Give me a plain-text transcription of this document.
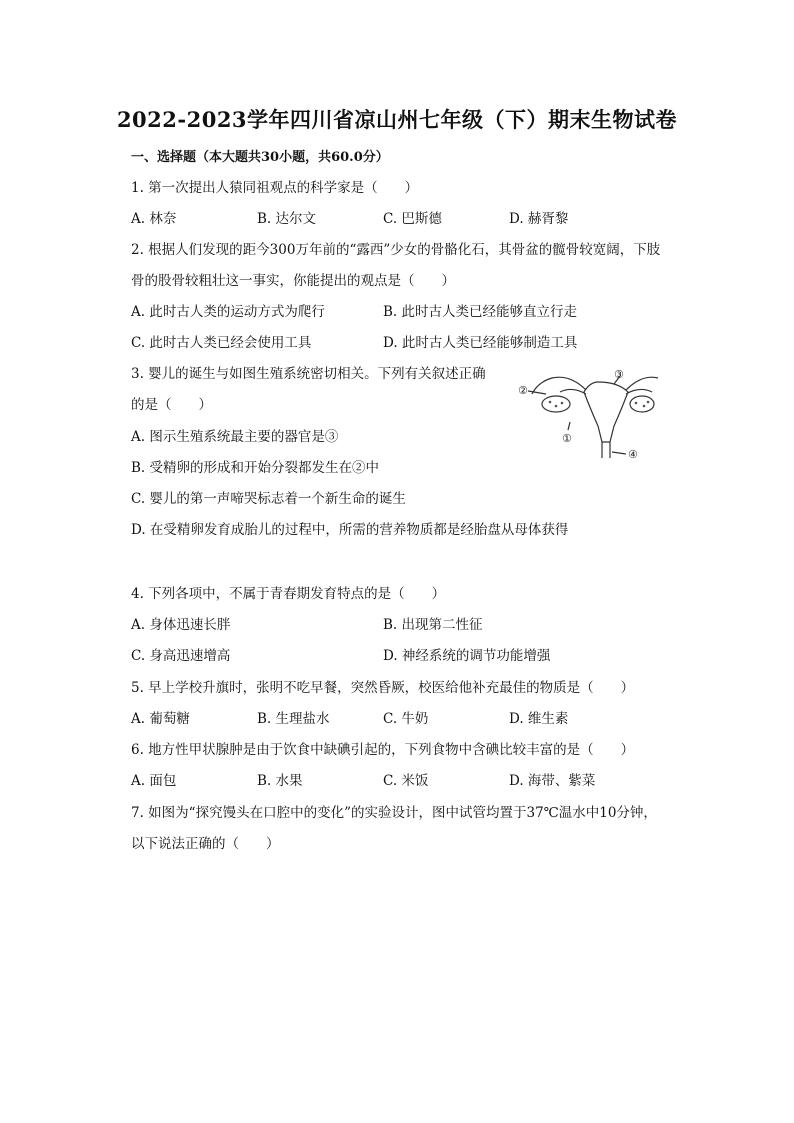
2022-2023学年四川省凉山州七年级（下）期末生物试卷
一、选择题（本大题共30小题，共60.0分）
1. 第一次提出人猿同祖观点的科学家是（　　）
A. 林奈	B. 达尔文	C. 巴斯德	D. 赫胥黎
2. 根据人们发现的距今300万年前的“露西”少女的骨骼化石，其骨盆的髋骨较宽阔，下肢
骨的股骨较粗壮这一事实，你能提出的观点是（　　）
A. 此时古人类的运动方式为爬行	B. 此时古人类已经能够直立行走
C. 此时古人类已经会使用工具	D. 此时古人类已经能够制造工具
3. 婴儿的诞生与如图生殖系统密切相关。下列有关叙述正确
的是（　　）
A. 图示生殖系统最主要的器官是③
B. 受精卵的形成和开始分裂都发生在②中
C. 婴儿的第一声啼哭标志着一个新生命的诞生
D. 在受精卵发育成胎儿的过程中，所需的营养物质都是经胎盘从母体获得
①
②
③
④
4. 下列各项中，不属于青春期发育特点的是（　　）
A. 身体迅速长胖	B. 出现第二性征
C. 身高迅速增高	D. 神经系统的调节功能增强
5. 早上学校升旗时，张明不吃早餐，突然昏厥，校医给他补充最佳的物质是（　　）
A. 葡萄糖	B. 生理盐水	C. 牛奶	D. 维生素
6. 地方性甲状腺肿是由于饮食中缺碘引起的，下列食物中含碘比较丰富的是（　　）
A. 面包	B. 水果	C. 米饭	D. 海带、紫菜
7. 如图为“探究馒头在口腔中的变化”的实验设计，图中试管均置于37℃温水中10分钟，
以下说法正确的（　　）
